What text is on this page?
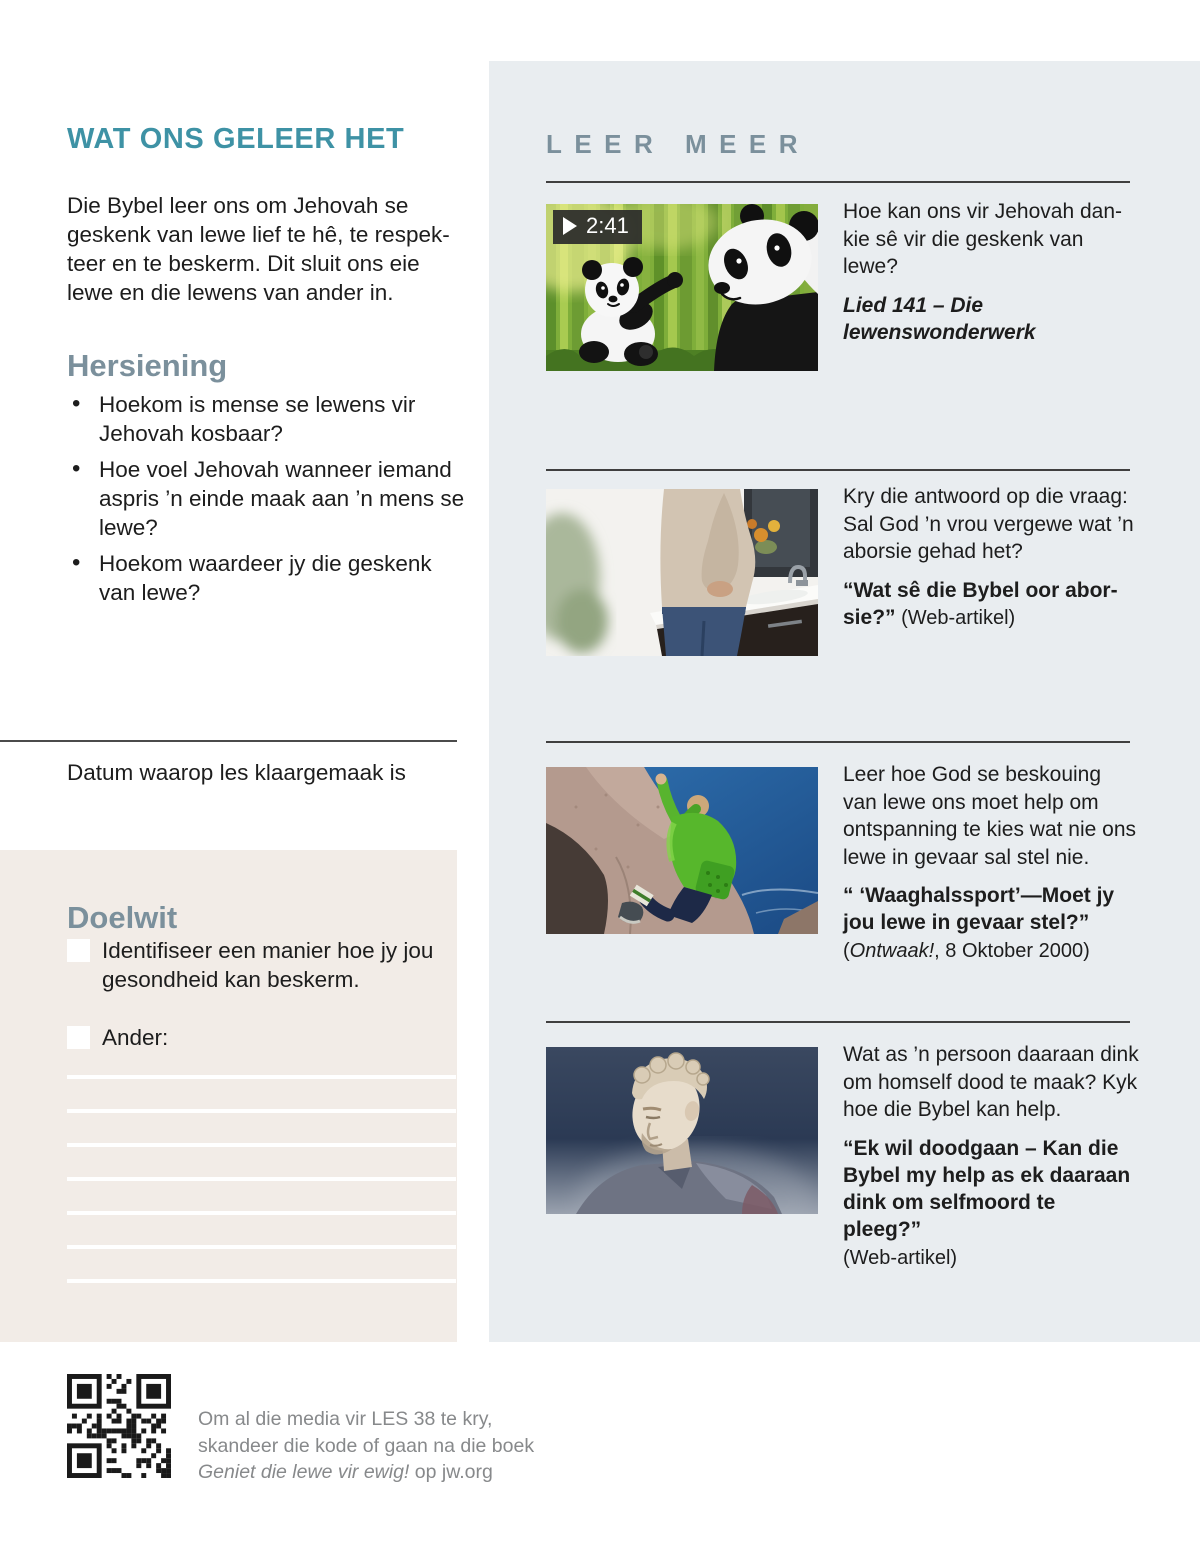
WAT ONS GELEER HET

Die Bybel leer ons om Jehovah se geskenk van lewe lief te hê, te respekteer en te beskerm. Dit sluit ons eie lewe en die lewens van ander in.

Hersiening
• Hoekom is mense se lewens vir Jehovah kosbaar?
• Hoe voel Jehovah wanneer iemand aspris ’n einde maak aan ’n mens se lewe?
• Hoekom waardeer jy die geskenk van lewe?
Datum waarop les klaargemaak is
Doelwit
Identifiseer een manier hoe jy jou gesondheid kan beskerm.
Ander:
Om al die media vir LES 38 te kry,
skandeer die kode of gaan na die boek
Geniet die lewe vir ewig! op jw.org
LEER MEER
2:41

Hoe kan ons vir Jehovah dankie sê vir die geskenk van lewe?

Lied 141 – Die lewenswonderwerk

Kry die antwoord op die vraag: Sal God ’n vrou vergewe wat ’n aborsie gehad het?

“Wat sê die Bybel oor aborsie?” (Web-artikel)

Leer hoe God se beskouing van lewe ons moet help om ontspanning te kies wat nie ons lewe in gevaar sal stel nie.

“ ‘Waaghalssport’—Moet jy jou lewe in gevaar stel?”
(Ontwaak!, 8 Oktober 2000)

Wat as ’n persoon daaraan dink om homself dood te maak? Kyk hoe die Bybel kan help.

“Ek wil doodgaan – Kan die Bybel my help as ek daaraan dink om selfmoord te pleeg?”
(Web-artikel)
